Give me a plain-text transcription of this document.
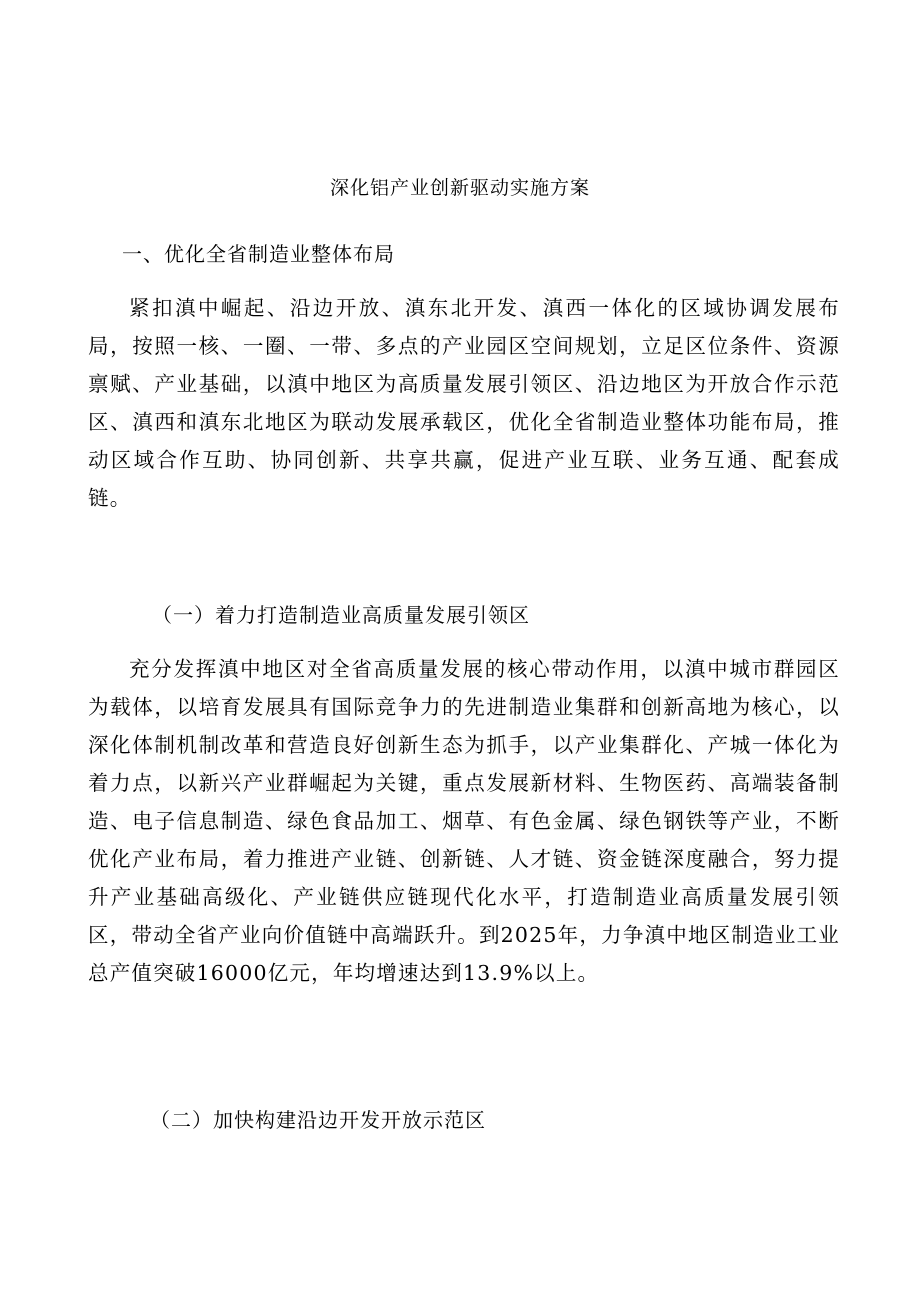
深化铝产业创新驱动实施方案
一、优化全省制造业整体布局

紧扣滇中崛起、沿边开放、滇东北开发、滇西一体化的区域协调发展布局，按照一核、一圈、一带、多点的产业园区空间规划，立足区位条件、资源禀赋、产业基础，以滇中地区为高质量发展引领区、沿边地区为开放合作示范区、滇西和滇东北地区为联动发展承载区，优化全省制造业整体功能布局，推动区域合作互助、协同创新、共享共赢，促进产业互联、业务互通、配套成链。

（一）着力打造制造业高质量发展引领区

充分发挥滇中地区对全省高质量发展的核心带动作用，以滇中城市群园区为载体，以培育发展具有国际竞争力的先进制造业集群和创新高地为核心，以深化体制机制改革和营造良好创新生态为抓手，以产业集群化、产城一体化为着力点，以新兴产业群崛起为关键，重点发展新材料、生物医药、高端装备制造、电子信息制造、绿色食品加工、烟草、有色金属、绿色钢铁等产业，不断优化产业布局，着力推进产业链、创新链、人才链、资金链深度融合，努力提升产业基础高级化、产业链供应链现代化水平，打造制造业高质量发展引领区，带动全省产业向价值链中高端跃升。到2025年，力争滇中地区制造业工业总产值突破16000亿元，年均增速达到13.9%以上。

（二）加快构建沿边开发开放示范区
